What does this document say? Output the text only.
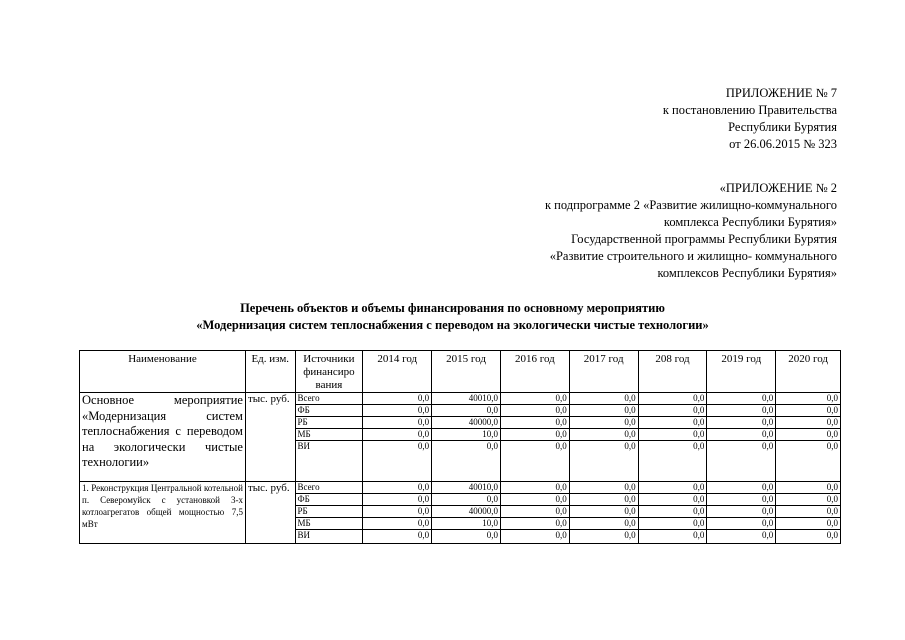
ПРИЛОЖЕНИЕ № 7
к постановлению Правительства
Республики Бурятия
от 26.06.2015 № 323
«ПРИЛОЖЕНИЕ № 2
к подпрограмме 2 «Развитие жилищно-коммунального
комплекса Республики Бурятия»
Государственной программы Республики Бурятия
«Развитие строительного и жилищно- коммунального
комплексов Республики Бурятия»
Перечень объектов и объемы финансирования по основному мероприятию
«Модернизация систем теплоснабжения с переводом на экологически чистые технологии»
Наименование	Ед. изм.	Источники финансиро вания	2014 год	2015 год	2016 год	2017 год	208 год	2019 год	2020 год
Основное мероприятие «Модернизация систем теплоснабжения с переводом на экологически чистые технологии»	тыс. руб.	Всего	0,0	40010,0	0,0	0,0	0,0	0,0	0,0
		ФБ	0,0	0,0	0,0	0,0	0,0	0,0	0,0
		РБ	0,0	40000,0	0,0	0,0	0,0	0,0	0,0
		МБ	0,0	10,0	0,0	0,0	0,0	0,0	0,0
		ВИ	0,0	0,0	0,0	0,0	0,0	0,0	0,0
1. Реконструкция Центральной котельной п. Северомуйск с установкой 3-х котлоагрегатов общей мощностью 7,5 мВт	тыс. руб.	Всего	0,0	40010,0	0,0	0,0	0,0	0,0	0,0
		ФБ	0,0	0,0	0,0	0,0	0,0	0,0	0,0
		РБ	0,0	40000,0	0,0	0,0	0,0	0,0	0,0
		МБ	0,0	10,0	0,0	0,0	0,0	0,0	0,0
		ВИ	0,0	0,0	0,0	0,0	0,0	0,0	0,0
